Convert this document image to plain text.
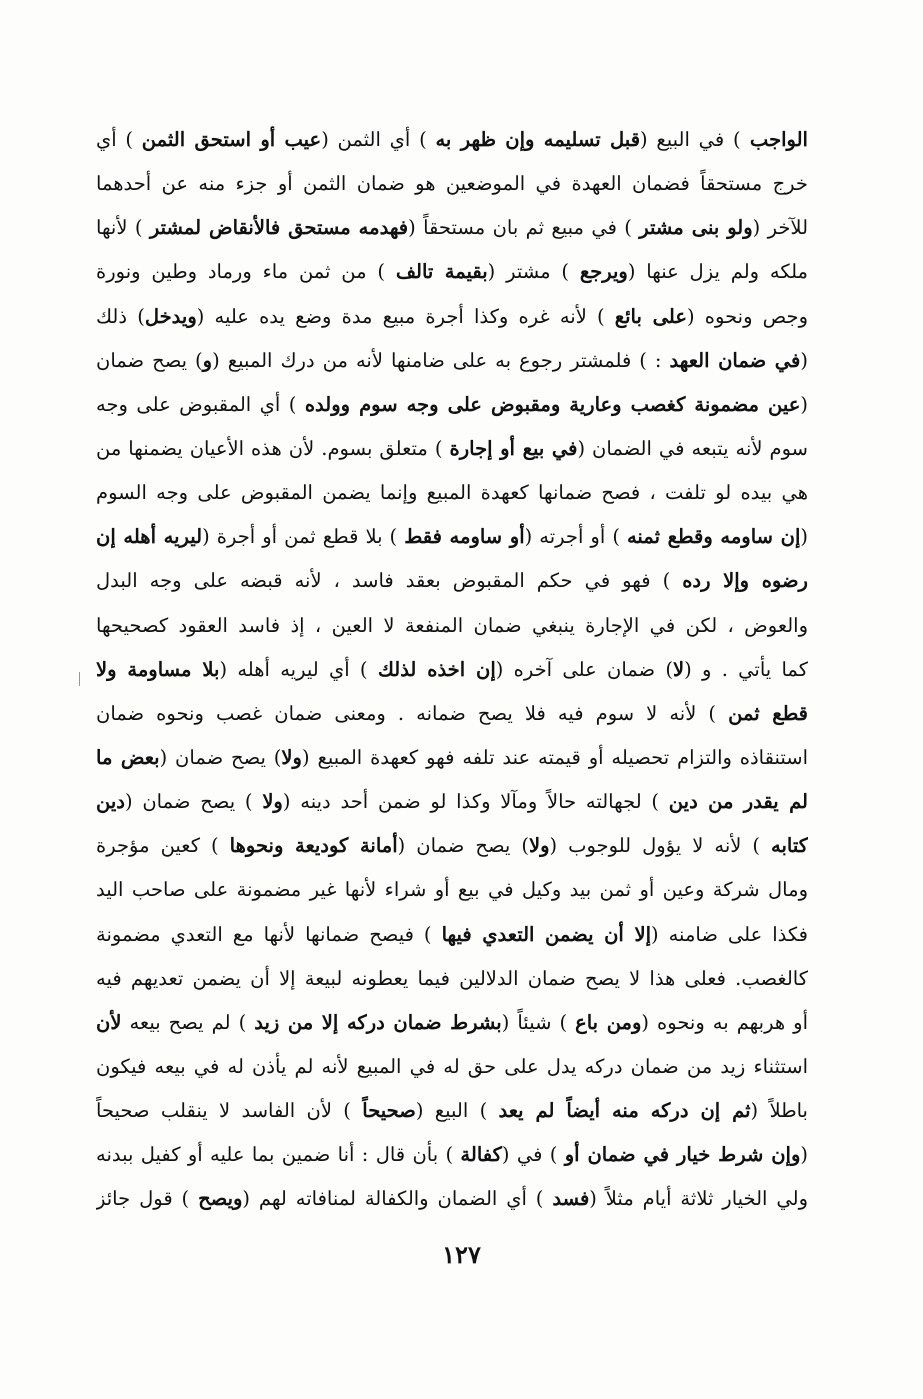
الواجب ) في البيع (قبل تسليمه وإن ظهر به ) أي الثمن (عيب أو استحق الثمن ) أي
خرج مستحقاً فضمان العهدة في الموضعين هو ضمان الثمن أو جزء منه عن أحدهما
للآخر (ولو بنى مشتر ) في مبيع ثم بان مستحقاً (فهدمه مستحق فالأنقاض لمشتر ) لأنها
ملكه ولم يزل عنها (ويرجع ) مشتر (بقيمة تالف ) من ثمن ماء ورماد وطين ونورة
وجص ونحوه (على بائع ) لأنه غره وكذا أجرة مبيع مدة وضع يده عليه (ويدخل) ذلك
(في ضمان العهد : ) فلمشتر رجوع به على ضامنها لأنه من درك المبيع (و) يصح ضمان
(عين مضمونة كغصب وعارية ومقبوض على وجه سوم وولده ) أي المقبوض على وجه
سوم لأنه يتبعه في الضمان (في بيع أو إجارة ) متعلق بسوم. لأن هذه الأعيان يضمنها من
هي بيده لو تلفت ، فصح ضمانها كعهدة المبيع وإنما يضمن المقبوض على وجه السوم
(إن ساومه وقطع ثمنه ) أو أجرته (أو ساومه فقط ) بلا قطع ثمن أو أجرة (ليريه أهله إن
رضوه وإلا رده ) فهو في حكم المقبوض بعقد فاسد ، لأنه قبضه على وجه البدل
والعوض ، لكن في الإجارة ينبغي ضمان المنفعة لا العين ، إذ فاسد العقود كصحيحها
كما يأتي . و (لا) ضمان على آخره (إن اخذه لذلك ) أي ليريه أهله (بلا مساومة ولا
قطع ثمن ) لأنه لا سوم فيه فلا يصح ضمانه . ومعنى ضمان غصب ونحوه ضمان
استنقاذه والتزام تحصيله أو قيمته عند تلفه فهو كعهدة المبيع (ولا) يصح ضمان (بعض ما
لم يقدر من دين ) لجهالته حالاً ومآلا وكذا لو ضمن أحد دينه (ولا ) يصح ضمان (دين
كتابه ) لأنه لا يؤول للوجوب (ولا) يصح ضمان (أمانة كوديعة ونحوها ) كعين مؤجرة
ومال شركة وعين أو ثمن بيد وكيل في بيع أو شراء لأنها غير مضمونة على صاحب اليد
فكذا على ضامنه (إلا أن يضمن التعدي فيها ) فيصح ضمانها لأنها مع التعدي مضمونة
كالغصب. فعلى هذا لا يصح ضمان الدلالين فيما يعطونه لبيعة إلا أن يضمن تعديهم فيه
أو هربهم به ونحوه (ومن باع ) شيئاً (بشرط ضمان دركه إلا من زيد ) لم يصح بيعه لأن
استثناء زيد من ضمان دركه يدل على حق له في المبيع لأنه لم يأذن له في بيعه فيكون
باطلاً (ثم إن دركه منه أيضاً لم يعد ) البيع (صحيحاً ) لأن الفاسد لا ينقلب صحيحاً
(وإن شرط خيار في ضمان أو ) في (كفالة ) بأن قال : أنا ضمين بما عليه أو كفيل ببدنه
ولي الخيار ثلاثة أيام مثلاً (فسد ) أي الضمان والكفالة لمنافاته لهم (ويصح ) قول جائز
١٢٧
